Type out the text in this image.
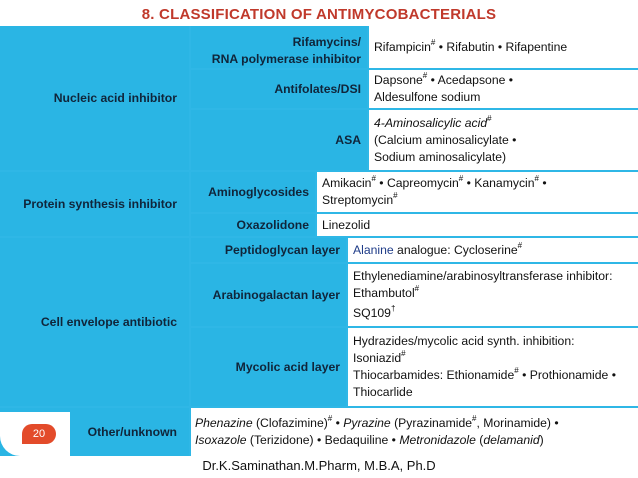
8. CLASSIFICATION OF ANTIMYCOBACTERIALS
Nucleic acid inhibitor
Protein synthesis inhibitor
Cell envelope antibiotic
Other/unknown
Rifamycins/
RNA polymerase inhibitor
Rifampicin# • Rifabutin • Rifapentine
Antifolates/DSI
Dapsone# • Acedapsone •
Aldesulfone sodium
ASA
4-Aminosalicylic acid#
(Calcium aminosalicylate •
Sodium aminosalicylate)
Aminoglycosides
Amikacin# • Capreomycin# • Kanamycin# •
Streptomycin#
Oxazolidone Linezolid
Peptidoglycan layer Alanine analogue: Cycloserine#
Arabinogalactan layer
Ethylenediamine/arabinosyltransferase inhibitor:
Ethambutol#
SQ109†
Mycolic acid layer
Hydrazides/mycolic acid synth. inhibition:
Isoniazid#
Thiocarbamides: Ethionamide# • Prothionamide •
Thiocarlide
Phenazine (Clofazimine)# • Pyrazine (Pyrazinamide#, Morinamide) •
Isoxazole (Terizidone) • Bedaquiline • Metronidazole (delamanid)
20
Dr.K.Saminathan.M.Pharm, M.B.A, Ph.D
